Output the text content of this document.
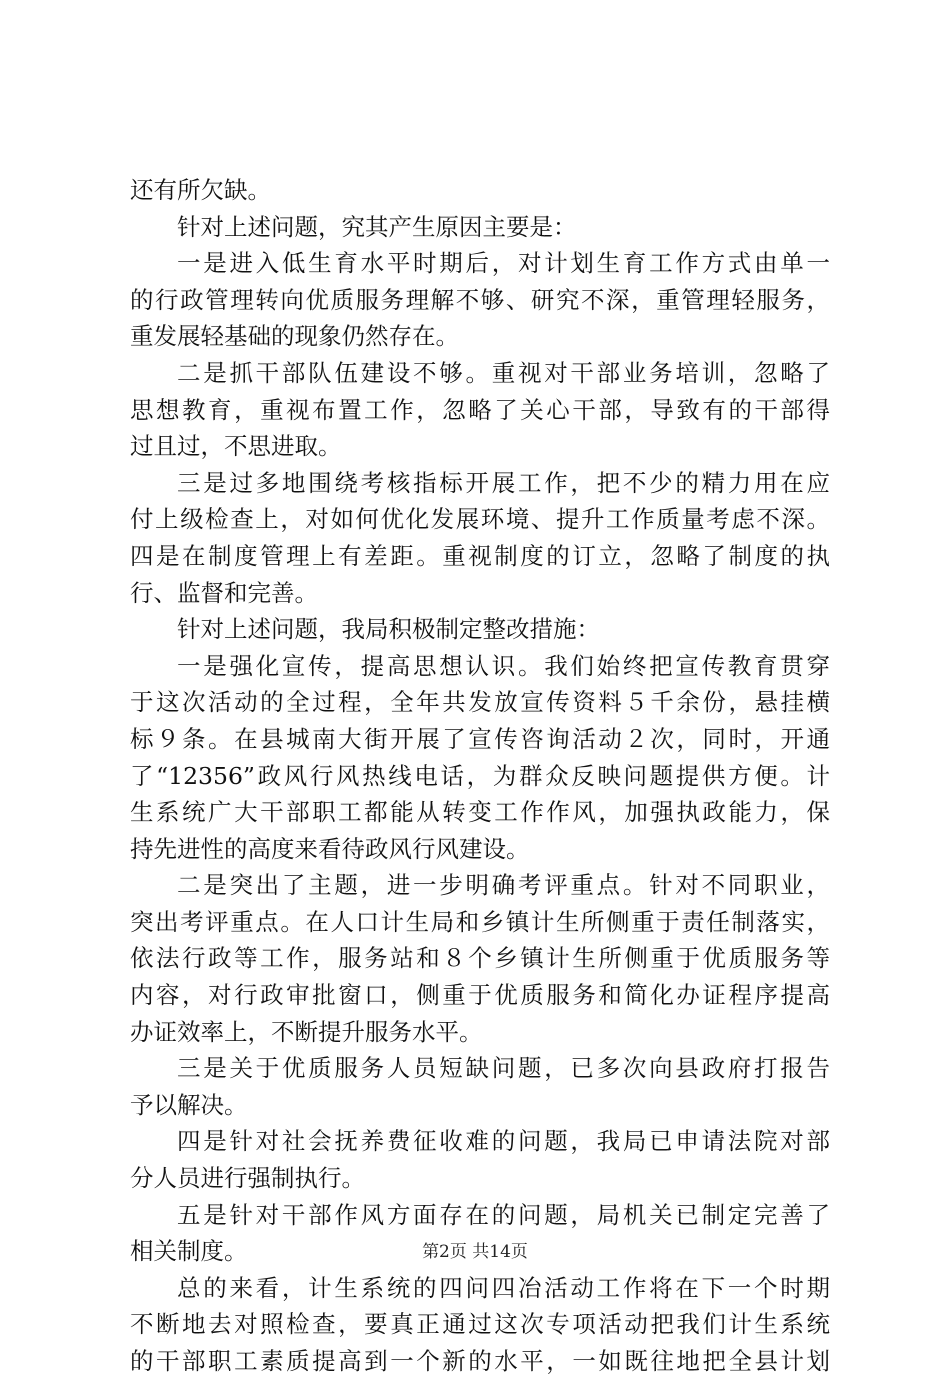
还有所欠缺。
针对上述问题，究其产生原因主要是：
一是进入低生育水平时期后，对计划生育工作方式由单一
的行政管理转向优质服务理解不够、研究不深，重管理轻服务，
重发展轻基础的现象仍然存在。
二是抓干部队伍建设不够。重视对干部业务培训，忽略了
思想教育，重视布置工作，忽略了关心干部，导致有的干部得
过且过，不思进取。
三是过多地围绕考核指标开展工作，把不少的精力用在应
付上级检查上，对如何优化发展环境、提升工作质量考虑不深。
四是在制度管理上有差距。重视制度的订立，忽略了制度的执
行、监督和完善。
针对上述问题，我局积极制定整改措施：
一是强化宣传，提高思想认识。我们始终把宣传教育贯穿
于这次活动的全过程，全年共发放宣传资料５千余份，悬挂横
标９条。在县城南大街开展了宣传咨询活动２次，同时，开通
了“12356”政风行风热线电话，为群众反映问题提供方便。计
生系统广大干部职工都能从转变工作作风，加强执政能力，保
持先进性的高度来看待政风行风建设。
二是突出了主题，进一步明确考评重点。针对不同职业，
突出考评重点。在人口计生局和乡镇计生所侧重于责任制落实，
依法行政等工作，服务站和８个乡镇计生所侧重于优质服务等
内容，对行政审批窗口，侧重于优质服务和简化办证程序提高
办证效率上，不断提升服务水平。
三是关于优质服务人员短缺问题，已多次向县政府打报告
予以解决。
四是针对社会抚养费征收难的问题，我局已申请法院对部
分人员进行强制执行。
五是针对干部作风方面存在的问题，局机关已制定完善了
相关制度。
总的来看，计生系统的四问四冶活动工作将在下一个时期
不断地去对照检查，要真正通过这次专项活动把我们计生系统
的干部职工素质提高到一个新的水平，一如既往地把全县计划
第2页 共14页
